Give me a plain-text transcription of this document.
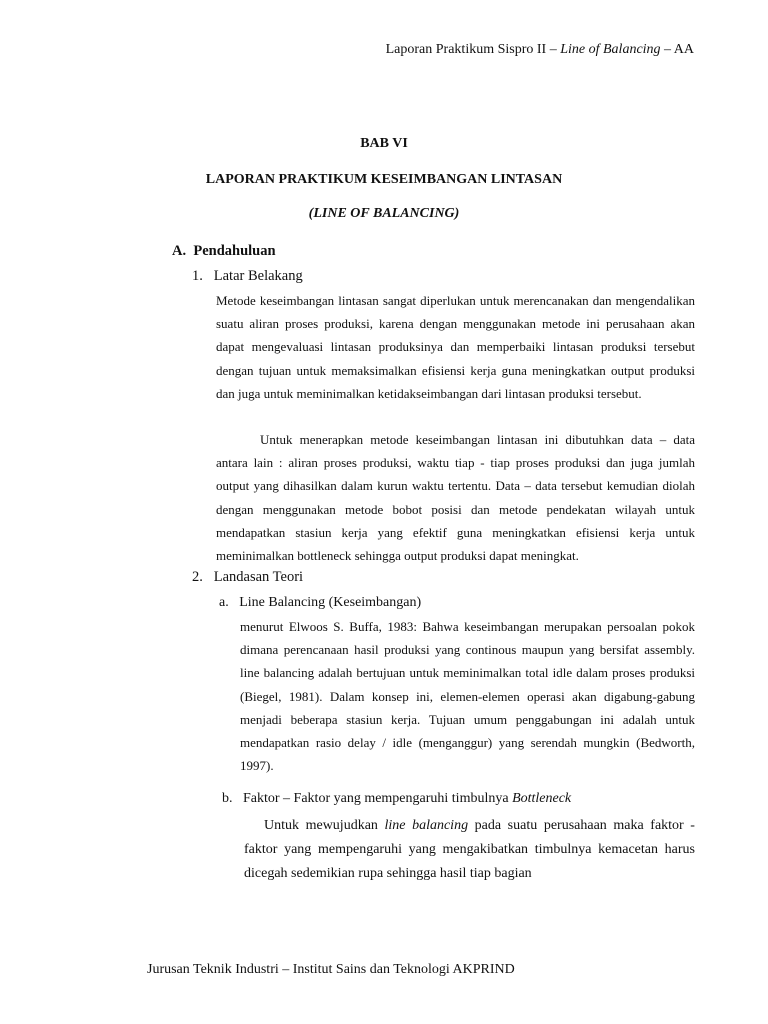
Laporan Praktikum Sispro II – Line of Balancing – AA
BAB VI
LAPORAN PRAKTIKUM KESEIMBANGAN LINTASAN
(LINE OF BALANCING)
A.  Pendahuluan
1.   Latar Belakang

Metode keseimbangan lintasan sangat diperlukan untuk merencanakan dan mengendalikan suatu aliran proses produksi, karena dengan menggunakan metode ini perusahaan akan dapat mengevaluasi lintasan produksinya dan memperbaiki lintasan produksi tersebut dengan tujuan untuk memaksimalkan efisiensi kerja guna meningkatkan output produksi dan juga untuk meminimalkan ketidakseimbangan dari lintasan produksi tersebut.

Untuk menerapkan metode keseimbangan lintasan ini dibutuhkan data – data antara lain : aliran proses produksi, waktu tiap - tiap proses produksi dan juga jumlah output yang dihasilkan dalam kurun waktu tertentu. Data – data tersebut kemudian diolah dengan menggunakan metode bobot posisi dan metode pendekatan wilayah untuk mendapatkan stasiun kerja yang efektif guna meningkatkan efisiensi kerja untuk meminimalkan bottleneck sehingga output produksi dapat meningkat.

2.   Landasan Teori
a.   Line Balancing (Keseimbangan)

menurut Elwoos S. Buffa, 1983: Bahwa keseimbangan merupakan persoalan pokok dimana perencanaan hasil produksi yang continous maupun yang bersifat assembly. line balancing adalah bertujuan untuk meminimalkan total idle dalam proses produksi (Biegel, 1981). Dalam konsep ini, elemen-elemen operasi akan digabung-gabung menjadi beberapa stasiun kerja. Tujuan umum penggabungan ini adalah untuk mendapatkan rasio delay / idle (menganggur) yang serendah mungkin (Bedworth, 1997).

b.   Faktor – Faktor yang mempengaruhi timbulnya Bottleneck

Untuk mewujudkan line balancing pada suatu perusahaan maka faktor - faktor yang mempengaruhi yang mengakibatkan timbulnya kemacetan harus dicegah sedemikian rupa sehingga hasil tiap bagian

Jurusan Teknik Industri – Institut Sains dan Teknologi AKPRIND
